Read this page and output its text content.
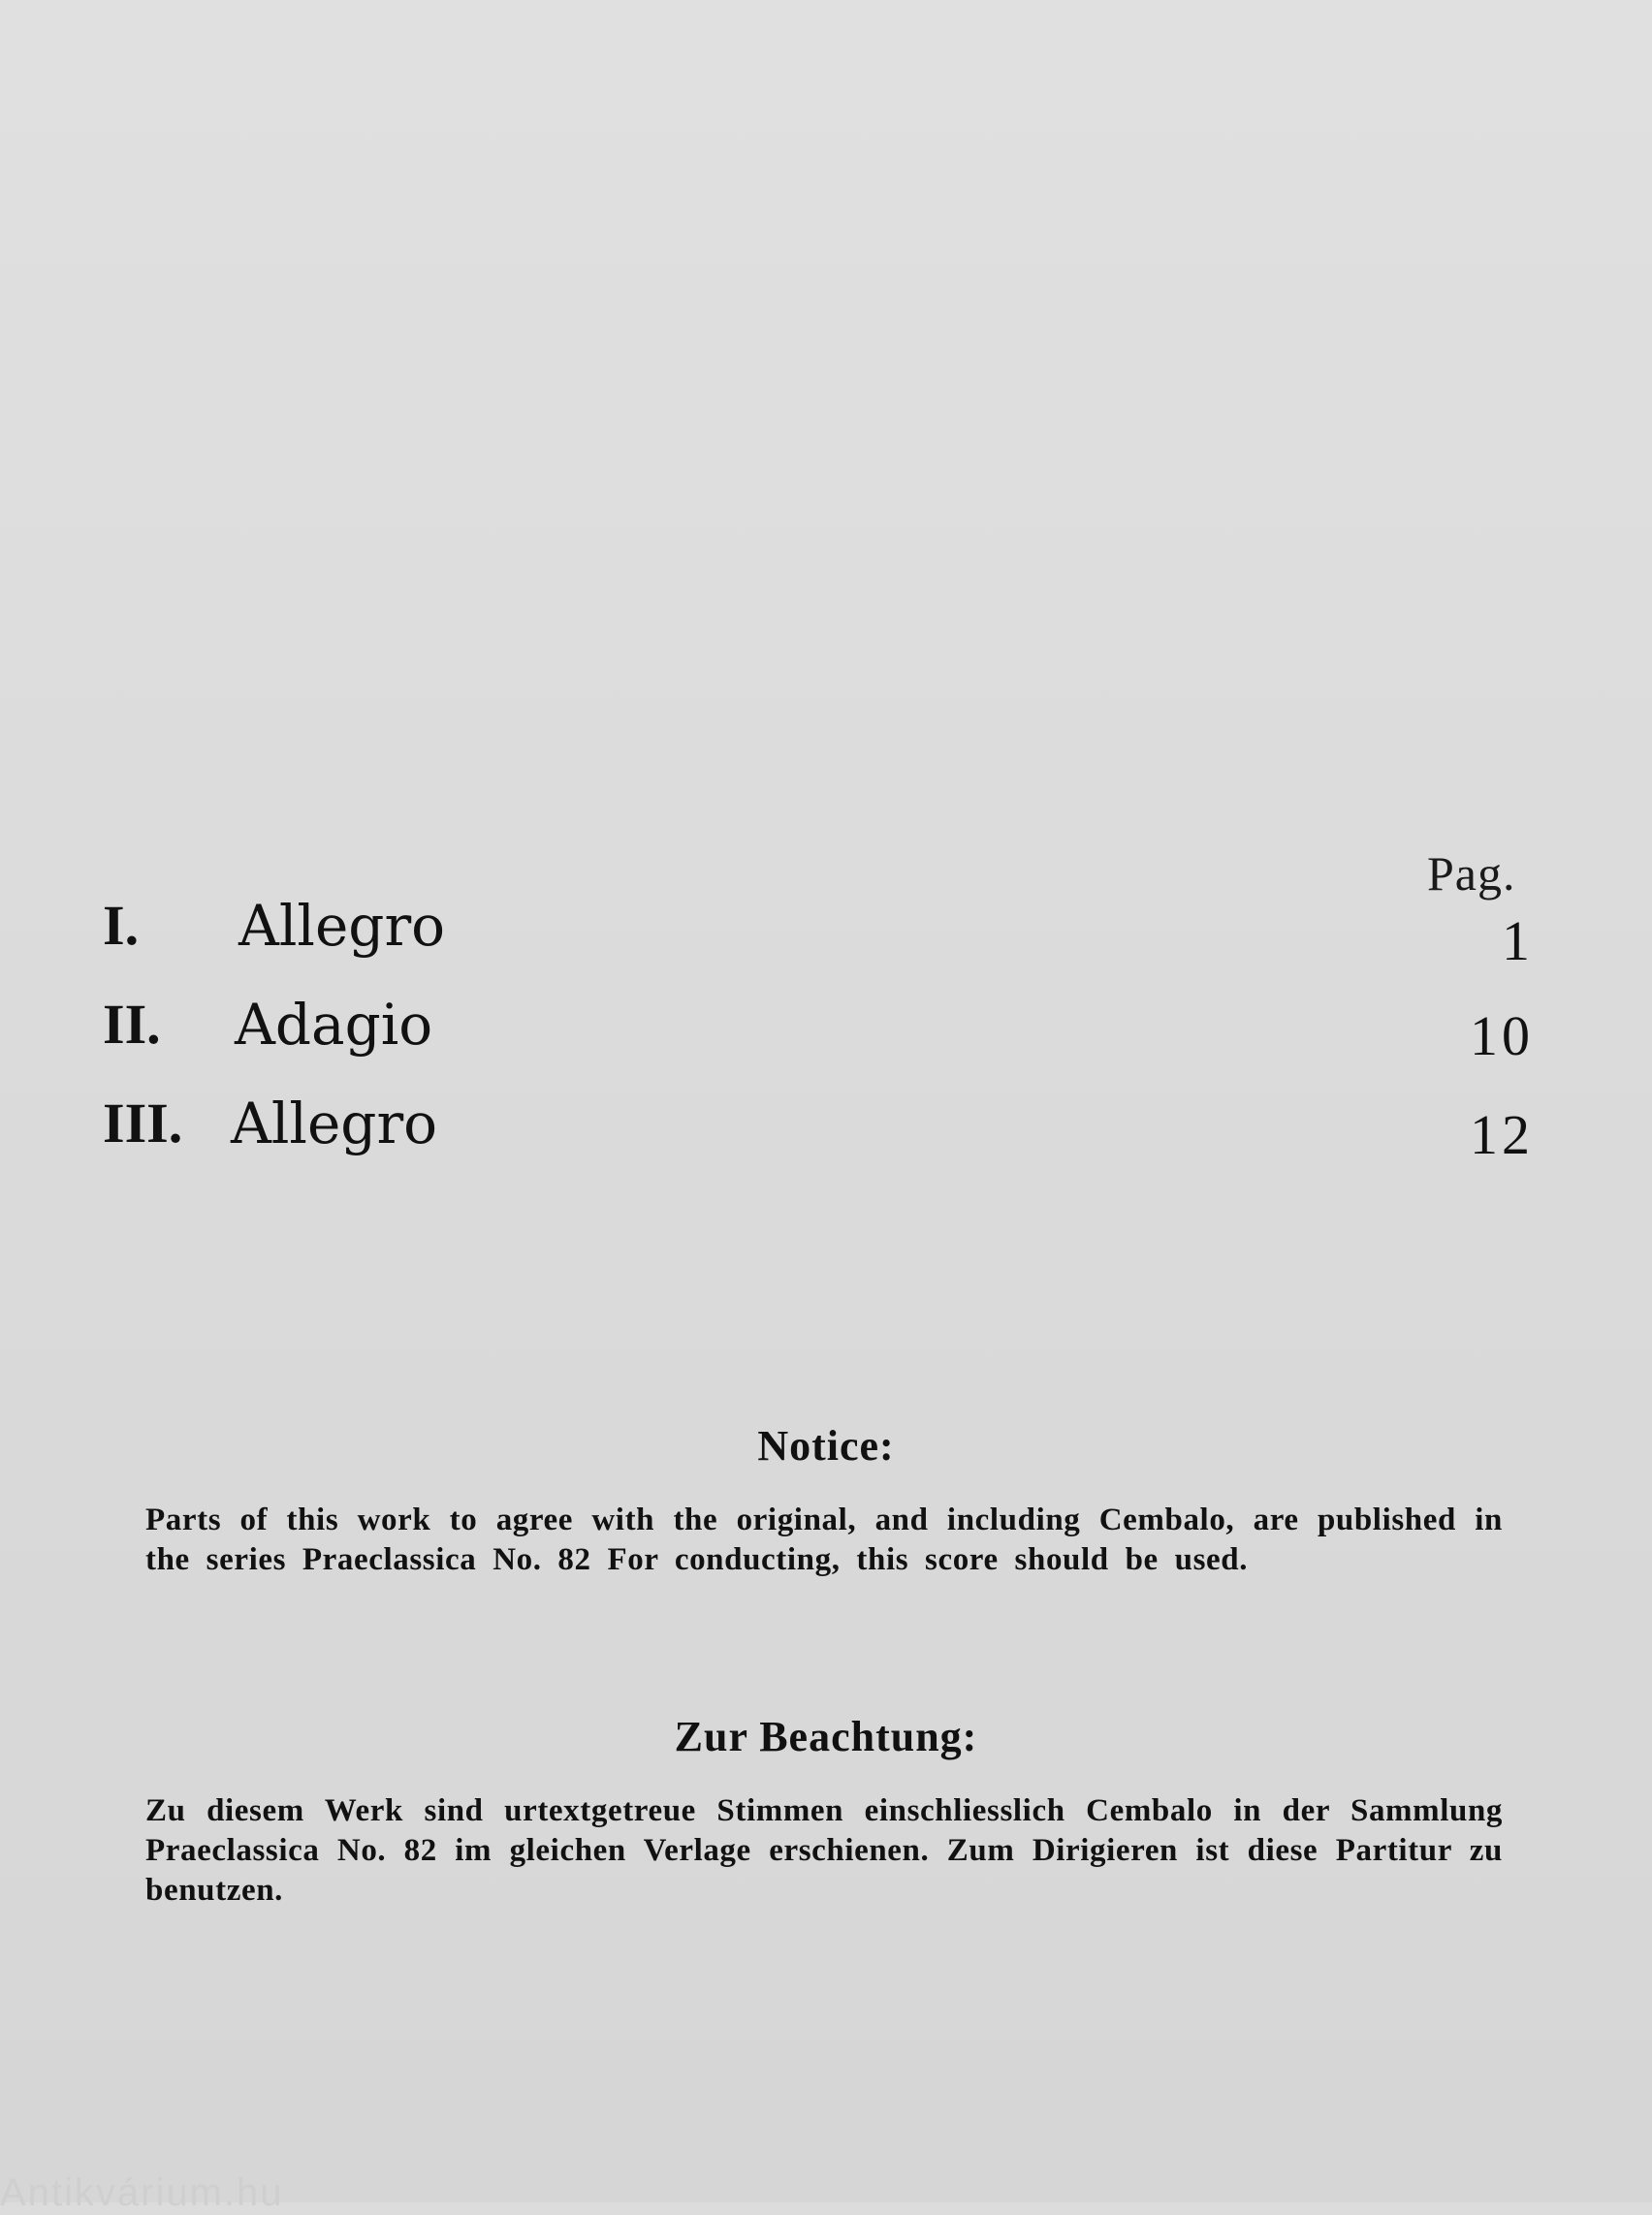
Pag.
I. Allegro	1
II. Adagio	10
III. Allegro	12
Notice:
Parts of this work to agree with the original, and including Cembalo, are published in the series Praeclassica No. 82 For conducting, this score should be used.
Zur Beachtung:
Zu diesem Werk sind urtextgetreue Stimmen einschliesslich Cembalo in der Sammlung Praeclassica No. 82 im gleichen Verlage erschienen. Zum Dirigieren ist diese Partitur zu benutzen.
Antikvárium.hu
